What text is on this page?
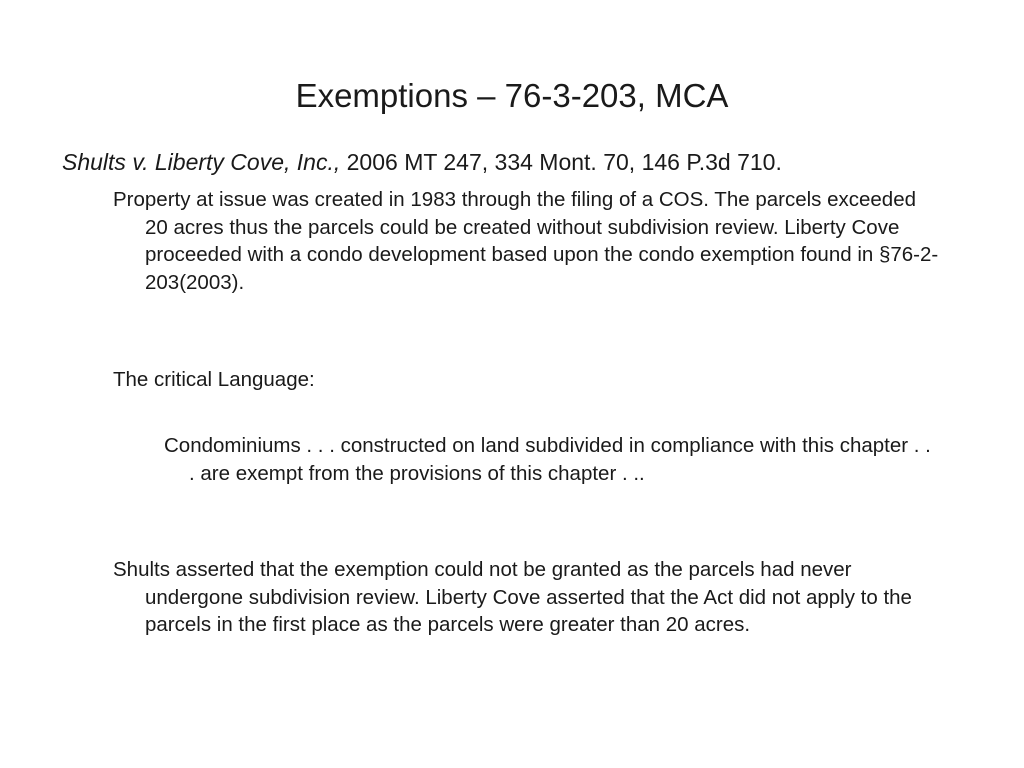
Exemptions – 76-3-203, MCA
Shults v. Liberty Cove, Inc., 2006 MT 247, 334 Mont. 70, 146 P.3d 710.
Property at issue was created in 1983 through the filing of a COS. The parcels exceeded 20 acres thus the parcels could be created without subdivision review. Liberty Cove proceeded with a condo development based upon the condo exemption found in §76-2-203(2003).
The critical Language:
Condominiums . . . constructed on land subdivided in compliance with this chapter . . . are exempt from the provisions of this chapter . ..
Shults asserted that the exemption could not be granted as the parcels had never undergone subdivision review. Liberty Cove asserted that the Act did not apply to the parcels in the first place as the parcels were greater than 20 acres.
